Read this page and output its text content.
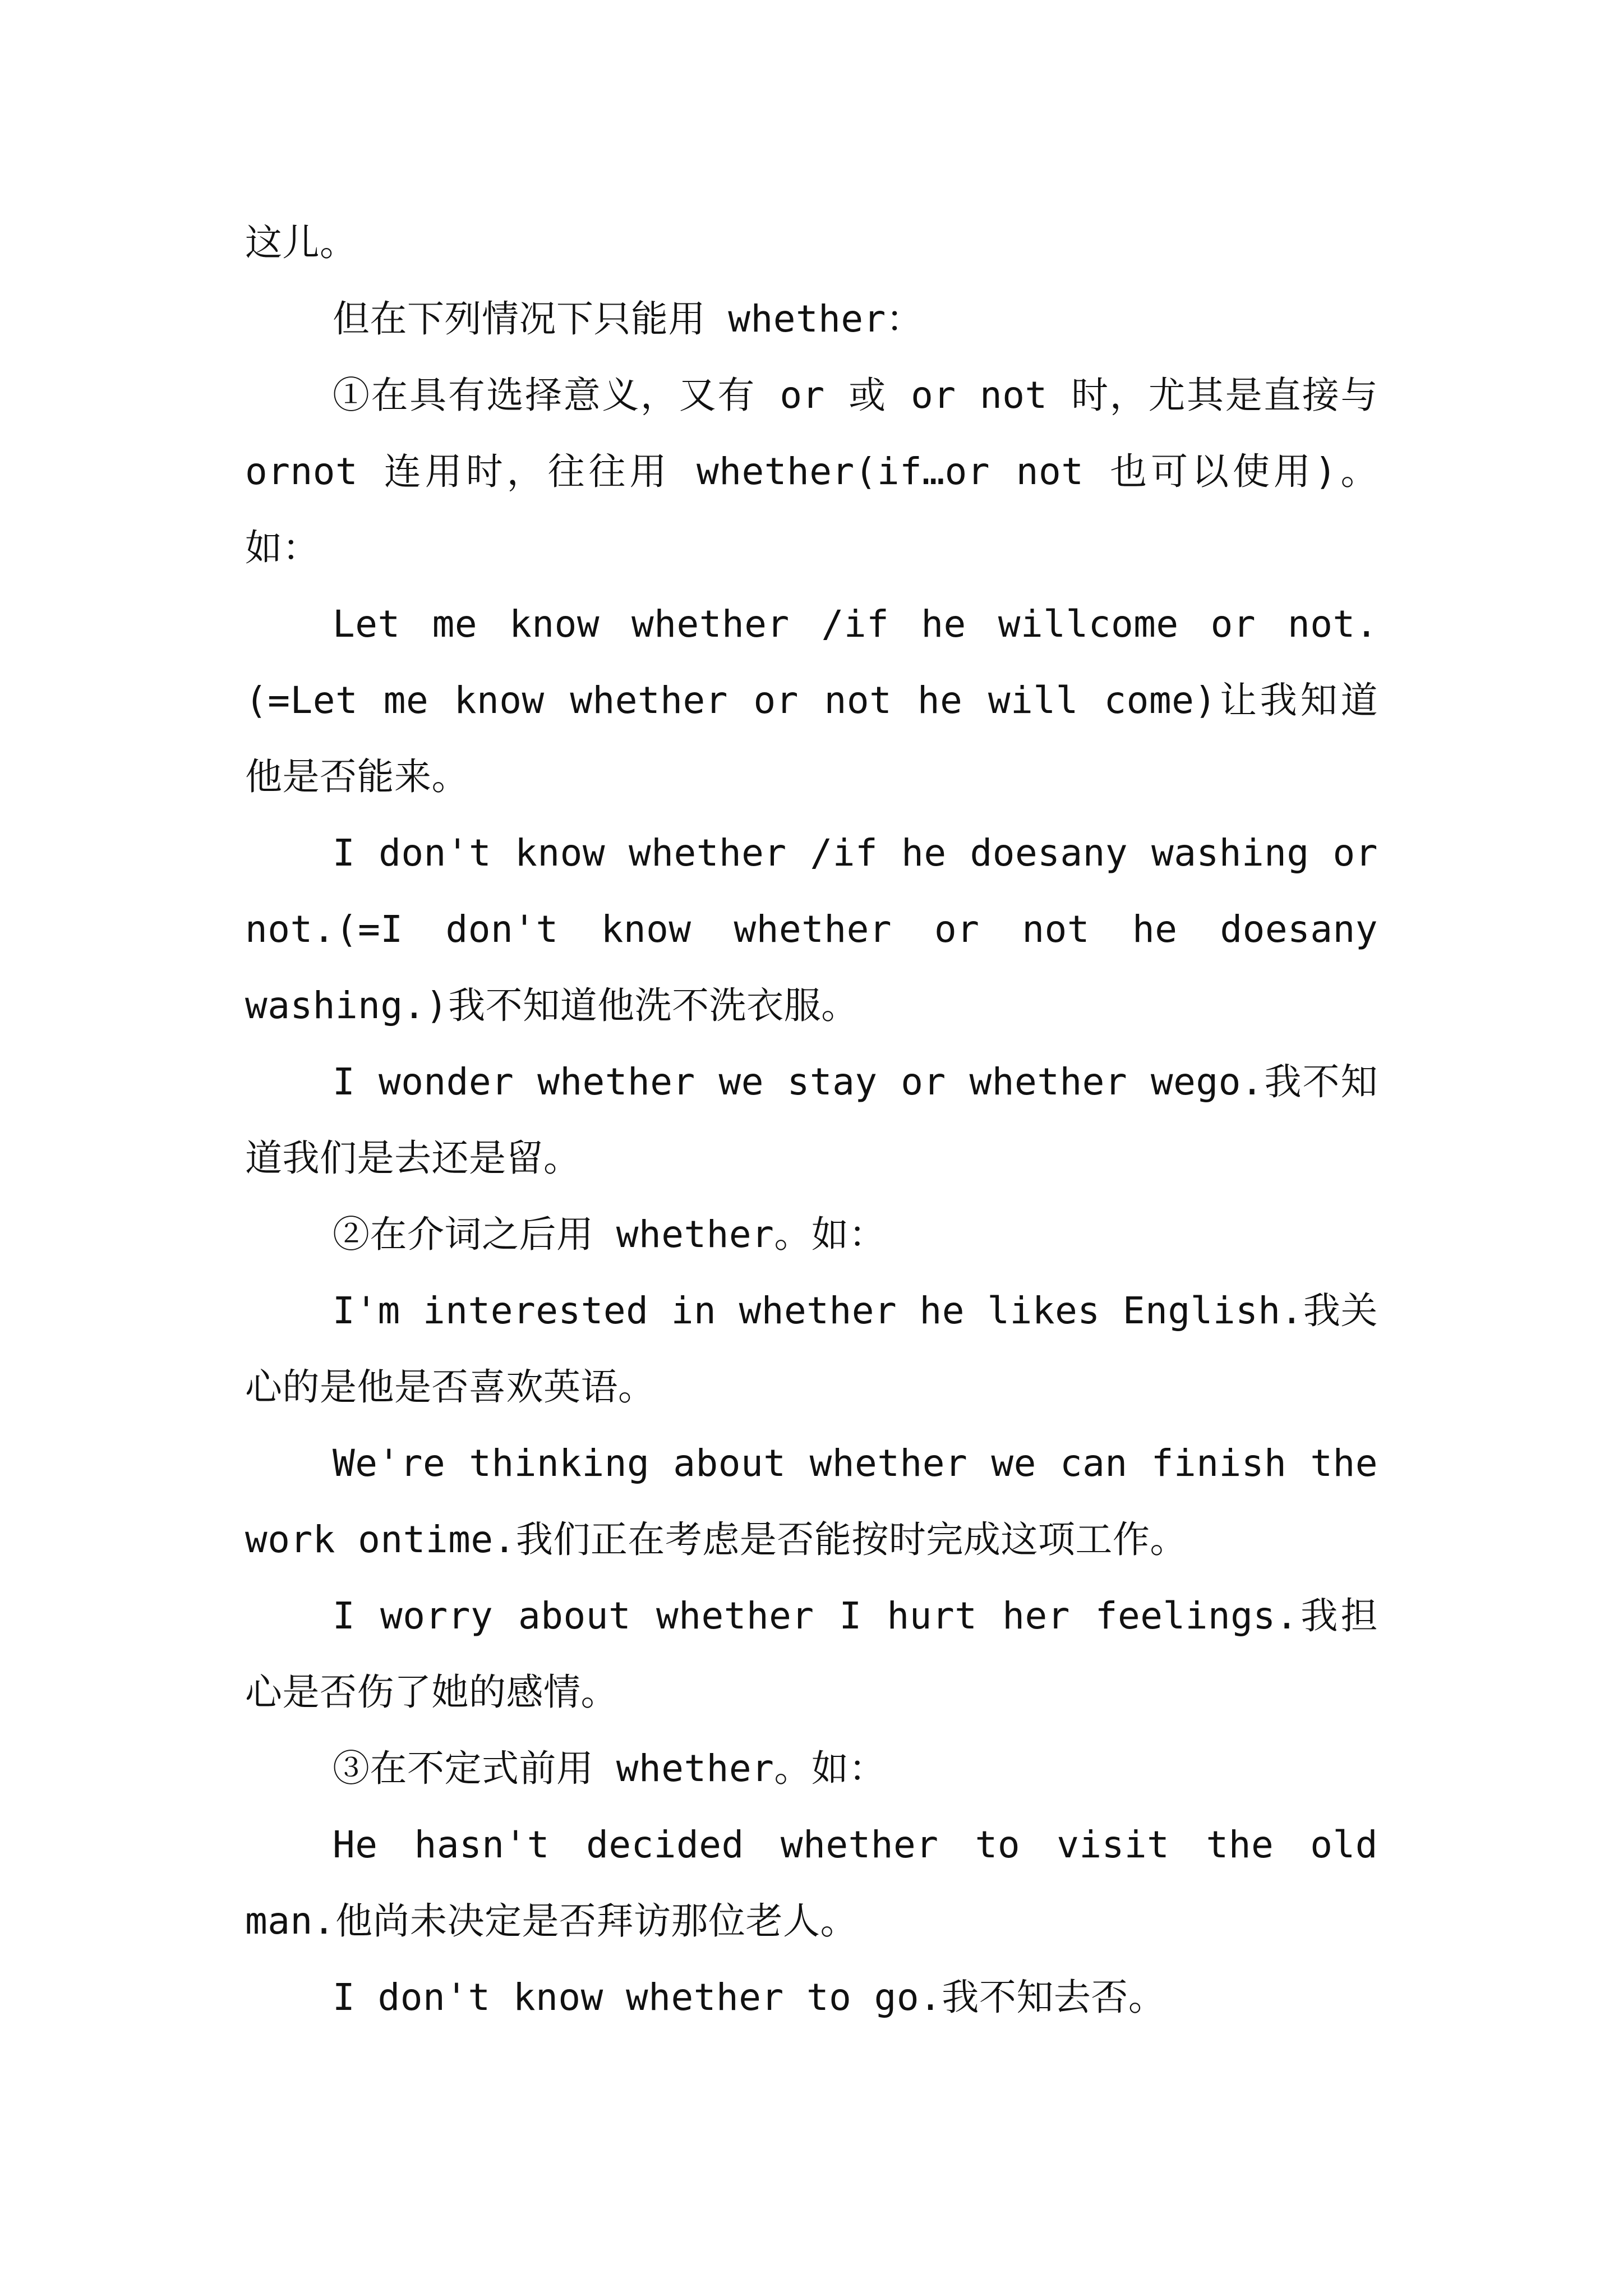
这儿。

但在下列情况下只能用 whether：

①在具有选择意义，又有 or 或 or not 时，尤其是直接与 ornot 连用时，往往用 whether(if…or not 也可以使用)。如：

Let me know whether /if he willcome or not.(=Let me know whether or not he will come)让我知道他是否能来。

I don't know whether /if he doesany washing or not.(=I don't know whether or not he doesany washing.)我不知道他洗不洗衣服。

I wonder whether we stay or whether wego.我不知道我们是去还是留。

②在介词之后用 whether。如：

I'm interested in whether he likes English.我关心的是他是否喜欢英语。

We're thinking about whether we can finish the work ontime.我们正在考虑是否能按时完成这项工作。

I worry about whether I hurt her feelings.我担心是否伤了她的感情。

③在不定式前用 whether。如：

He hasn't decided whether to visit the old man.他尚未决定是否拜访那位老人。

I don't know whether to go.我不知去否。
